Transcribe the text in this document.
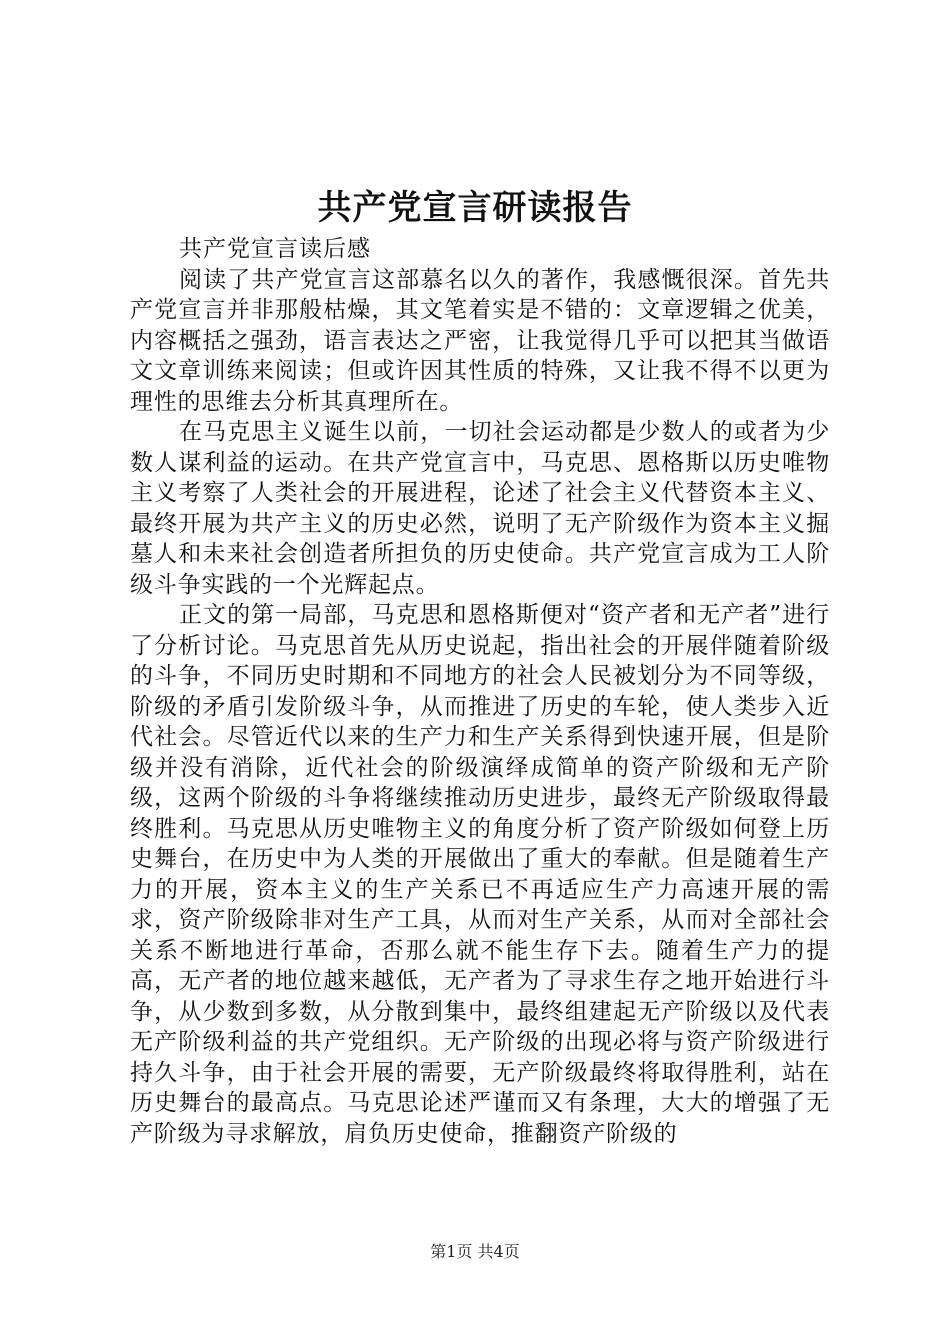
共产党宣言研读报告

共产党宣言读后感

阅读了共产党宣言这部慕名以久的著作，我感慨很深。首先共产党宣言并非那般枯燥，其文笔着实是不错的：文章逻辑之优美，内容概括之强劲，语言表达之严密，让我觉得几乎可以把其当做语文文章训练来阅读；但或许因其性质的特殊，又让我不得不以更为理性的思维去分析其真理所在。

在马克思主义诞生以前，一切社会运动都是少数人的或者为少数人谋利益的运动。在共产党宣言中，马克思、恩格斯以历史唯物主义考察了人类社会的开展进程，论述了社会主义代替资本主义、最终开展为共产主义的历史必然，说明了无产阶级作为资本主义掘墓人和未来社会创造者所担负的历史使命。共产党宣言成为工人阶级斗争实践的一个光辉起点。

正文的第一局部，马克思和恩格斯便对“资产者和无产者”进行了分析讨论。马克思首先从历史说起，指出社会的开展伴随着阶级的斗争，不同历史时期和不同地方的社会人民被划分为不同等级，阶级的矛盾引发阶级斗争，从而推进了历史的车轮，使人类步入近代社会。尽管近代以来的生产力和生产关系得到快速开展，但是阶级并没有消除，近代社会的阶级演绎成简单的资产阶级和无产阶级，这两个阶级的斗争将继续推动历史进步，最终无产阶级取得最终胜利。马克思从历史唯物主义的角度分析了资产阶级如何登上历史舞台，在历史中为人类的开展做出了重大的奉献。但是随着生产力的开展，资本主义的生产关系已不再适应生产力高速开展的需求，资产阶级除非对生产工具，从而对生产关系，从而对全部社会关系不断地进行革命，否那么就不能生存下去。随着生产力的提高，无产者的地位越来越低，无产者为了寻求生存之地开始进行斗争，从少数到多数，从分散到集中，最终组建起无产阶级以及代表无产阶级利益的共产党组织。无产阶级的出现必将与资产阶级进行持久斗争，由于社会开展的需要，无产阶级最终将取得胜利，站在历史舞台的最高点。马克思论述严谨而又有条理，大大的增强了无产阶级为寻求解放，肩负历史使命，推翻资产阶级的

第1页 共4页
